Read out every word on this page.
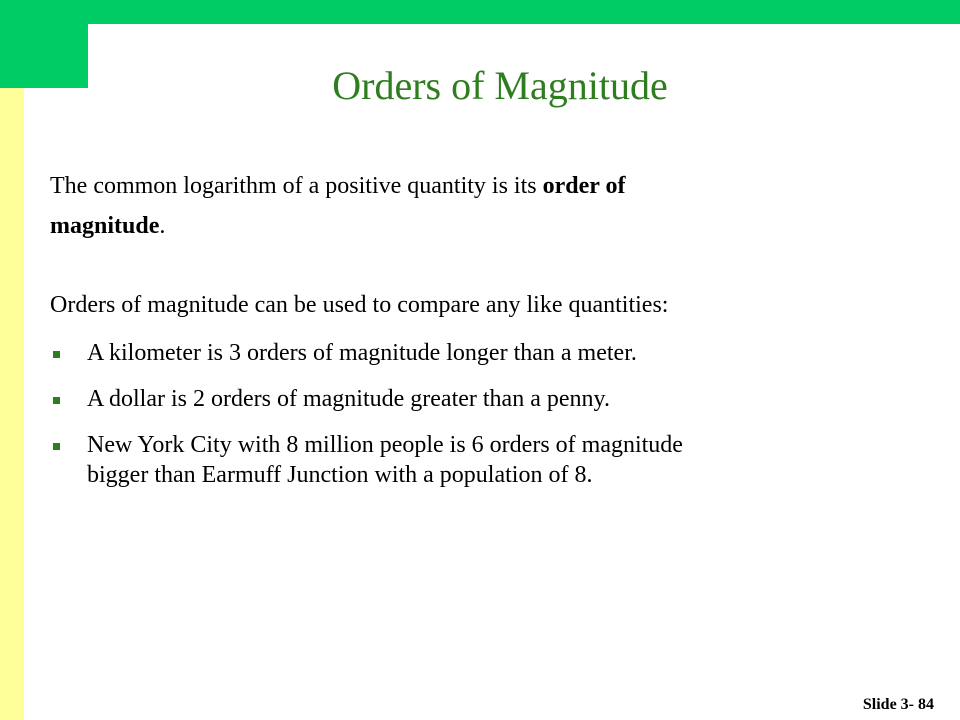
Orders of Magnitude
The common logarithm of a positive quantity is its order of
magnitude.
Orders of magnitude can be used to compare any like quantities:
A kilometer is 3 orders of magnitude longer than a meter.
A dollar is 2 orders of magnitude greater than a penny.
New York City with 8 million people is 6 orders of magnitude
bigger than Earmuff Junction with a population of 8.
Slide 3- 84
